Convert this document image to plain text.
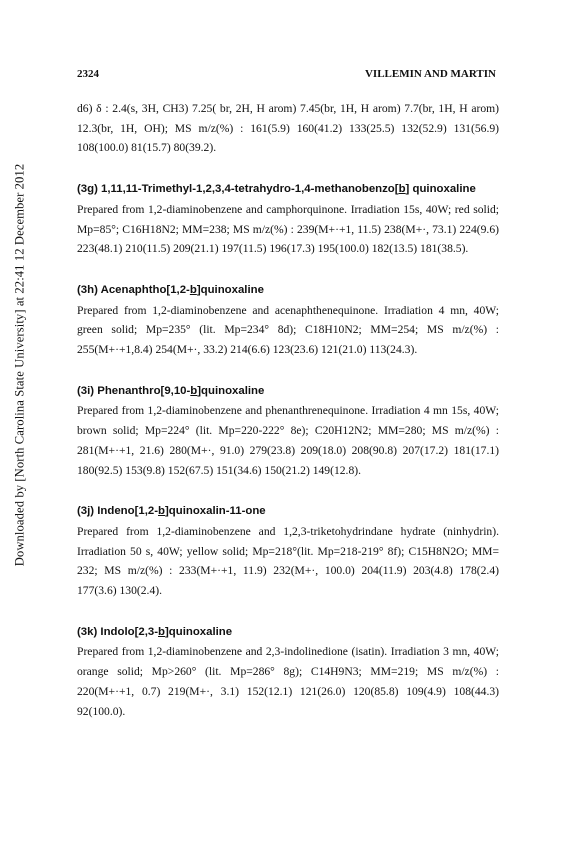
Downloaded by [North Carolina State University] at 22:41 12 December 2012
2324	VILLEMIN AND MARTIN

d6) δ : 2.4(s, 3H, CH3) 7.25( br, 2H, H arom) 7.45(br, 1H, H arom) 7.7(br, 1H, H arom) 12.3(br, 1H, OH); MS m/z(%) : 161(5.9) 160(41.2) 133(25.5) 132(52.9) 131(56.9) 108(100.0) 81(15.7) 80(39.2).

(3g) 1,11,11-Trimethyl-1,2,3,4-tetrahydro-1,4-methanobenzo[b] quinoxaline

Prepared from 1,2-diaminobenzene and camphorquinone. Irradiation 15s, 40W; red solid; Mp=85°; C16H18N2; MM=238; MS m/z(%) : 239(M+·+1, 11.5) 238(M+·, 73.1) 224(9.6) 223(48.1) 210(11.5) 209(21.1) 197(11.5) 196(17.3) 195(100.0) 182(13.5) 181(38.5).

(3h) Acenaphtho[1,2-b]quinoxaline

Prepared from 1,2-diaminobenzene and acenaphthenequinone. Irradiation 4 mn, 40W; green solid; Mp=235° (lit. Mp=234° 8d); C18H10N2; MM=254; MS m/z(%) : 255(M+·+1,8.4) 254(M+·, 33.2) 214(6.6) 123(23.6) 121(21.0) 113(24.3).

(3i) Phenanthro[9,10-b]quinoxaline

Prepared from 1,2-diaminobenzene and phenanthrenequinone. Irradiation 4 mn 15s, 40W; brown solid; Mp=224° (lit. Mp=220-222° 8e); C20H12N2; MM=280; MS m/z(%) : 281(M+·+1, 21.6) 280(M+·, 91.0) 279(23.8) 209(18.0) 208(90.8) 207(17.2) 181(17.1) 180(92.5) 153(9.8) 152(67.5) 151(34.6) 150(21.2) 149(12.8).

(3j) Indeno[1,2-b]quinoxalin-11-one

Prepared from 1,2-diaminobenzene and 1,2,3-triketohydrindane hydrate (ninhydrin). Irradiation 50 s, 40W; yellow solid; Mp=218°(lit. Mp=218-219° 8f); C15H8N2O; MM= 232; MS m/z(%) : 233(M+·+1, 11.9) 232(M+·, 100.0) 204(11.9) 203(4.8) 178(2.4) 177(3.6) 130(2.4).

(3k) Indolo[2,3-b]quinoxaline

Prepared from 1,2-diaminobenzene and 2,3-indolinedione (isatin). Irradiation 3 mn, 40W; orange solid; Mp>260° (lit. Mp=286° 8g); C14H9N3; MM=219; MS m/z(%) : 220(M+·+1, 0.7) 219(M+·, 3.1) 152(12.1) 121(26.0) 120(85.8) 109(4.9) 108(44.3) 92(100.0).
